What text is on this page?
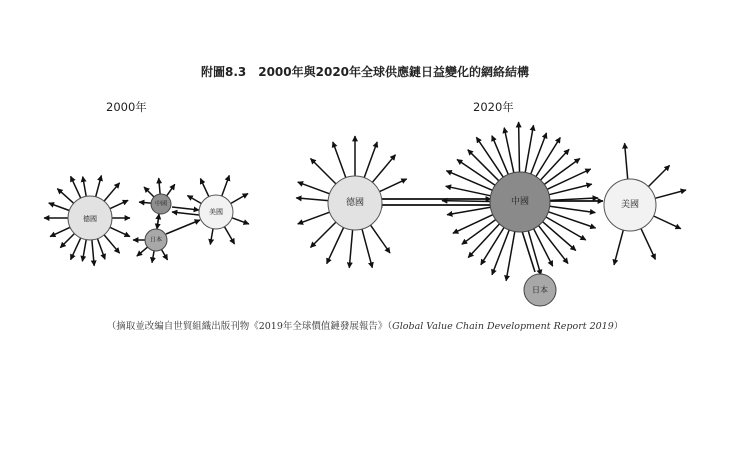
附圖8.3　2000年與2020年全球供應鏈日益變化的網絡結構
2000年	2020年
德國
中國
日本
美國
德國	中國
日本
美國
（摘取並改編自世貿組織出版刊物《2019年全球價值鏈發展報告》（Global Value Chain Development Report 2019）
